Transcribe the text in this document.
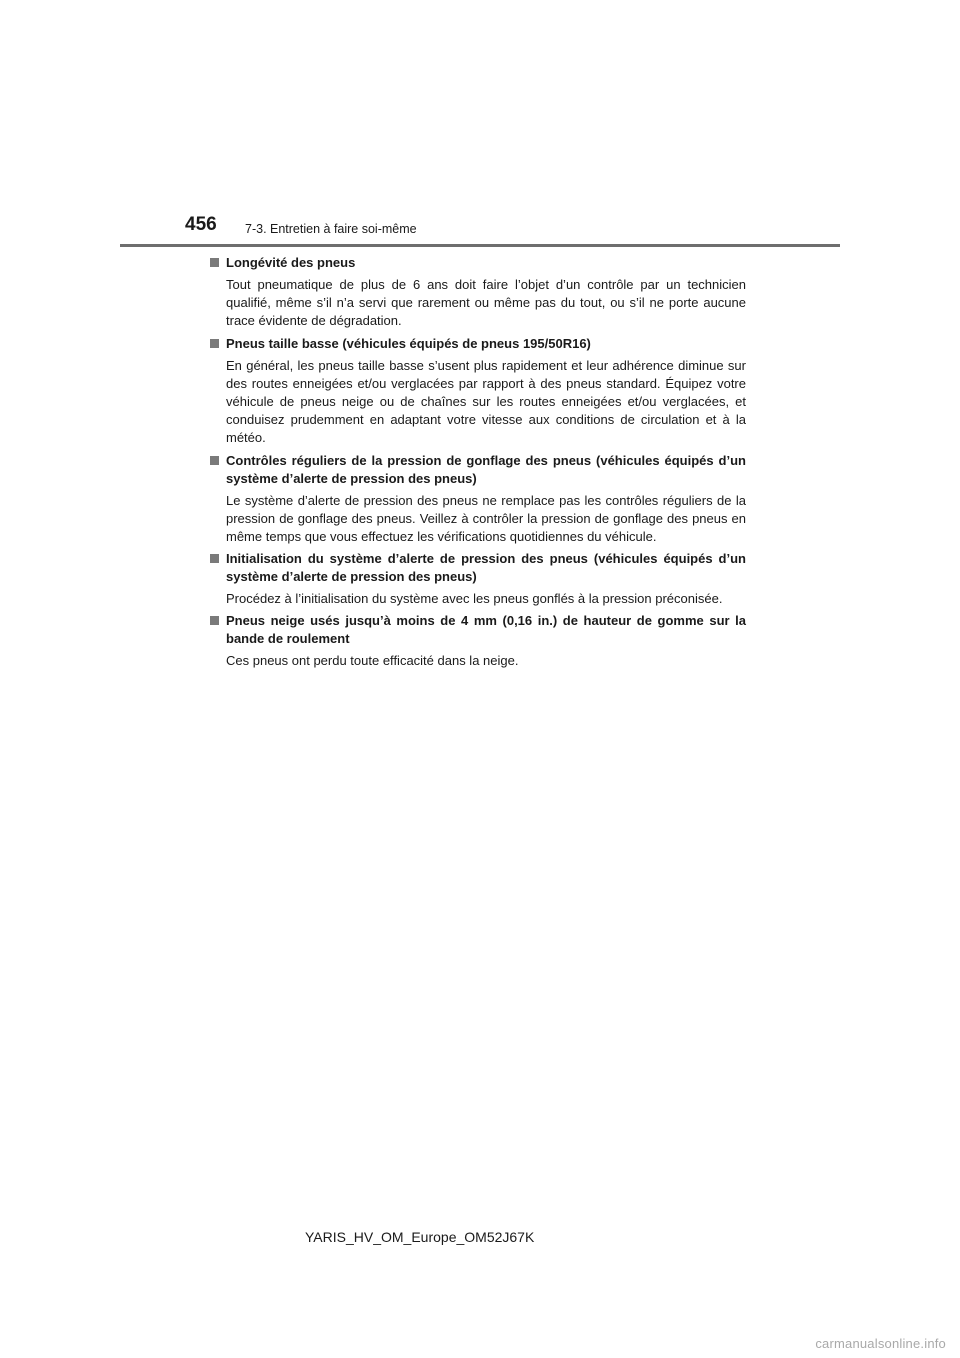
456 7-3. Entretien à faire soi-même
Longévité des pneus
Tout pneumatique de plus de 6 ans doit faire l’objet d’un contrôle par un technicien qualifié, même s’il n’a servi que rarement ou même pas du tout, ou s’il ne porte aucune trace évidente de dégradation.
Pneus taille basse (véhicules équipés de pneus 195/50R16)
En général, les pneus taille basse s’usent plus rapidement et leur adhérence diminue sur des routes enneigées et/ou verglacées par rapport à des pneus standard. Équipez votre véhicule de pneus neige ou de chaînes sur les routes enneigées et/ou verglacées, et conduisez prudemment en adaptant votre vitesse aux conditions de circulation et à la météo.
Contrôles réguliers de la pression de gonflage des pneus (véhicules équipés d’un système d’alerte de pression des pneus)
Le système d’alerte de pression des pneus ne remplace pas les contrôles réguliers de la pression de gonflage des pneus. Veillez à contrôler la pression de gonflage des pneus en même temps que vous effectuez les vérifications quotidiennes du véhicule.
Initialisation du système d’alerte de pression des pneus (véhicules équipés d’un système d’alerte de pression des pneus)
Procédez à l’initialisation du système avec les pneus gonflés à la pression préconisée.
Pneus neige usés jusqu’à moins de 4 mm (0,16 in.) de hauteur de gomme sur la bande de roulement
Ces pneus ont perdu toute efficacité dans la neige.
YARIS_HV_OM_Europe_OM52J67K
carmanualsonline.info
